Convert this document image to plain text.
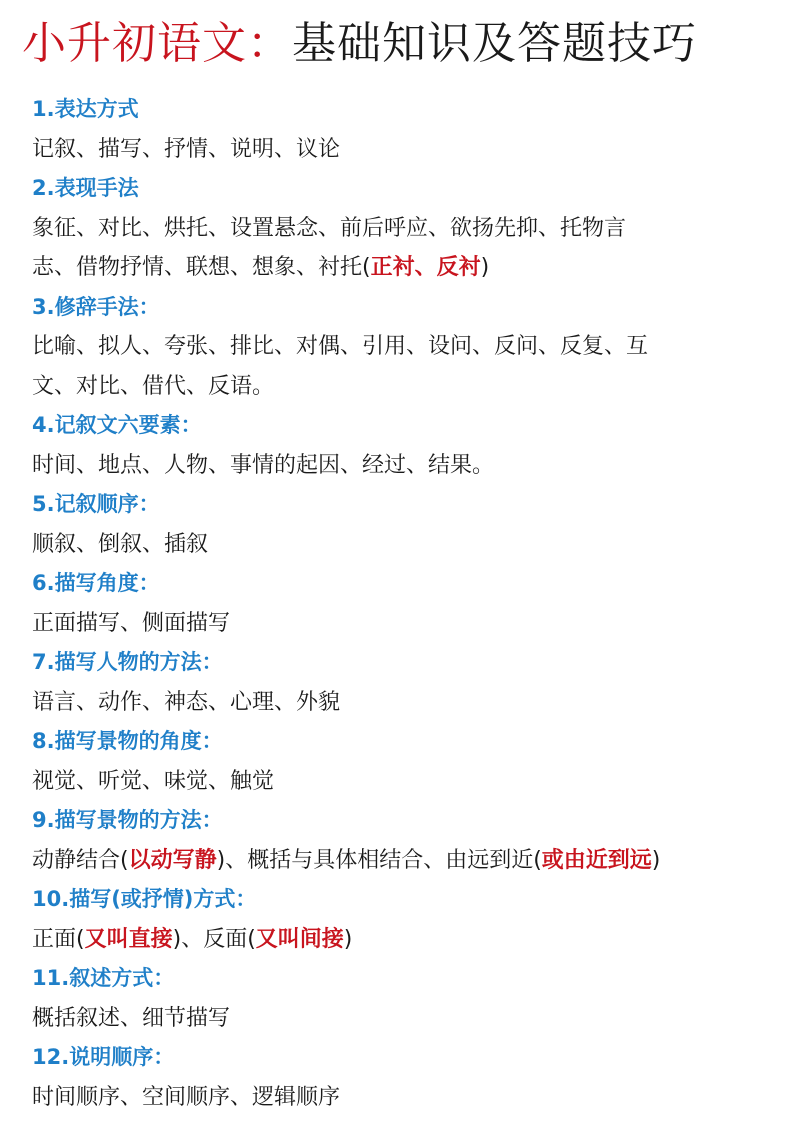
小升初语文：基础知识及答题技巧
1.表达方式
记叙、描写、抒情、说明、议论
2.表现手法
象征、对比、烘托、设置悬念、前后呼应、欲扬先抑、托物言
志、借物抒情、联想、想象、衬托(正衬、反衬)
3.修辞手法：
比喻、拟人、夸张、排比、对偶、引用、设问、反问、反复、互
文、对比、借代、反语。
4.记叙文六要素：
时间、地点、人物、事情的起因、经过、结果。
5.记叙顺序：
顺叙、倒叙、插叙
6.描写角度：
正面描写、侧面描写
7.描写人物的方法：
语言、动作、神态、心理、外貌
8.描写景物的角度：
视觉、听觉、味觉、触觉
9.描写景物的方法：
动静结合(以动写静)、概括与具体相结合、由远到近(或由近到远)
10.描写(或抒情)方式：
正面(又叫直接)、反面(又叫间接)
11.叙述方式：
概括叙述、细节描写
12.说明顺序：
时间顺序、空间顺序、逻辑顺序
